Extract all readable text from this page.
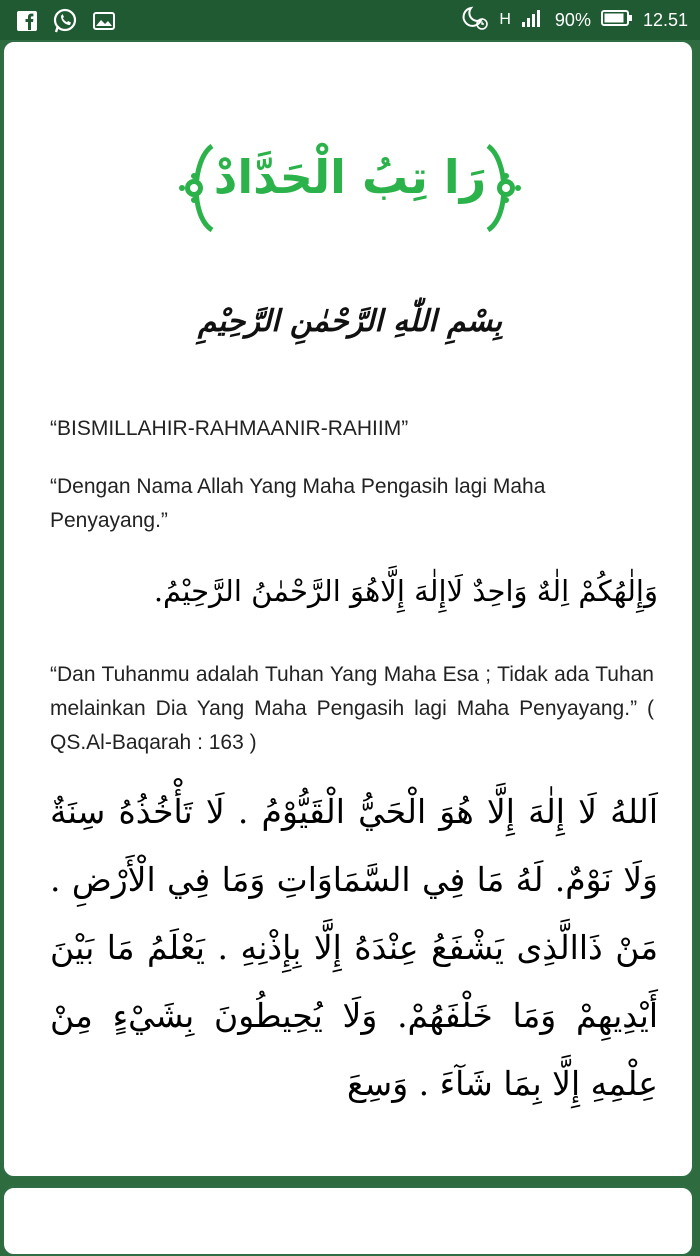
H 90%	12.51
رَا تِبُ الْحَدَّادْ
بِسْمِ اللّٰهِ الرَّحْمٰنِ الرَّحِيْمِ

“BISMILLAHIR-RAHMAANIR-RAHIIM”

“Dengan Nama Allah Yang Maha Pengasih lagi Maha Penyayang.”

وَإِلٰهُكُمْ اِلٰهٌ وَاحِدٌ لَاإِلٰهَ إِلَّاهُوَ الرَّحْمٰنُ الرَّحِيْمُ.

“Dan Tuhanmu adalah Tuhan Yang Maha Esa ; Tidak ada Tuhan melainkan Dia Yang Maha Pengasih lagi Maha Penyayang.” ( QS.Al-Baqarah : 163 )

اَللهُ لَا إِلٰهَ إِلَّا هُوَ الْحَيُّ الْقَيُّوْمُ . لَا تَأْخُذُهُ سِنَةٌ وَلَا نَوْمٌ. لَهُ مَا فِي السَّمَاوَاتِ وَمَا فِي الْأَرْضِ . مَنْ ذَاالَّذِى يَشْفَعُ عِنْدَهُ إِلَّا بِإِذْنِهِ . يَعْلَمُ مَا بَيْنَ أَيْدِيهِمْ وَمَا خَلْفَهُمْ. وَلَا يُحِيطُونَ بِشَيْءٍ مِنْ عِلْمِهِ إِلَّا بِمَا شَآءَ . وَسِعَ
